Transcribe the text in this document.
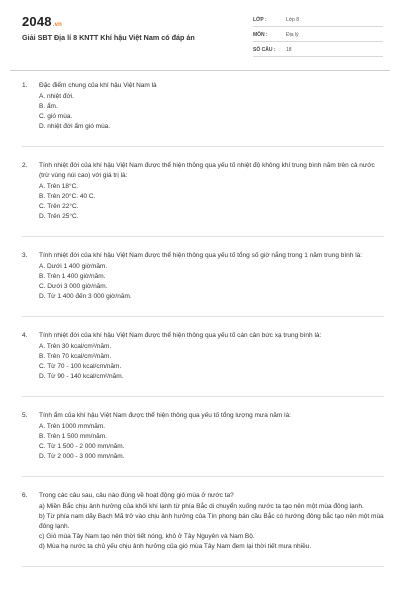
2048.vn
Giải SBT Địa lí 8 KNTT Khí hậu Việt Nam có đáp án
LỚP :	Lớp 8
MÔN :	Địa lý
SỐ CÂU :	18
1. Đặc điểm chung của khí hậu Việt Nam là
A. nhiệt đới.
B. ẩm.
C. gió mùa.
D. nhiệt đới ẩm gió mùa.
2. Tính nhiệt đới của khí hậu Việt Nam được thể hiện thông qua yếu tố nhiệt độ không khí trung bình năm trên cả nước (trừ vùng núi cao) với giá trị là:
A. Trên 18°C.
B. Trên 20°C. 40 C.
C. Trên 22°C.
D. Trên 25°C.
3. Tính nhiệt đới của khí hậu Việt Nam được thể hiện thông qua yếu tố tổng số giờ nắng trong 1 năm trung bình là:
A. Dưới 1 400 giờ/năm.
B. Trên 1 400 giờ/năm.
C. Dưới 3 000 giờ/năm.
D. Từ 1 400 đến 3 000 giờ/năm.
4. Tính nhiệt đới của khí hậu Việt Nam được thể hiện thông qua yếu tố cán cân bức xạ trung bình là:
A. Trên 30 kcal/cm²/năm.
B. Trên 70 kcal/cm²/năm.
C. Từ 70 - 100 kcal/cm/năm.
D. Từ 90 - 140 kcal/cm²/năm.
5. Tính ẩm của khí hậu Việt Nam được thể hiện thông qua yếu tố tổng lượng mưa năm là:
A. Trên 1000 mm/năm.
B. Trên 1 500 mm/năm.
C. Từ 1 500 - 2 000 mm/năm.
D. Từ 2 000 - 3 000 mm/năm.
6. Trong các câu sau, câu nào đúng về hoạt động gió mùa ở nước ta?
a) Miền Bắc chịu ảnh hưởng của khối khí lạnh từ phía Bắc di chuyển xuống nước ta tạo nên một mùa đông lạnh.
b) Từ phía nam dãy Bạch Mã trở vào chịu ảnh hưởng của Tín phong bán cầu Bắc có hướng đông bắc tạo nên một mùa đông lạnh.
c) Gió mùa Tây Nam tạo nên thời tiết nóng, khô ở Tây Nguyên và Nam Bộ.
d) Mùa hạ nước ta chủ yếu chịu ảnh hưởng của gió mùa Tây Nam đem lại thời tiết mưa nhiều.
